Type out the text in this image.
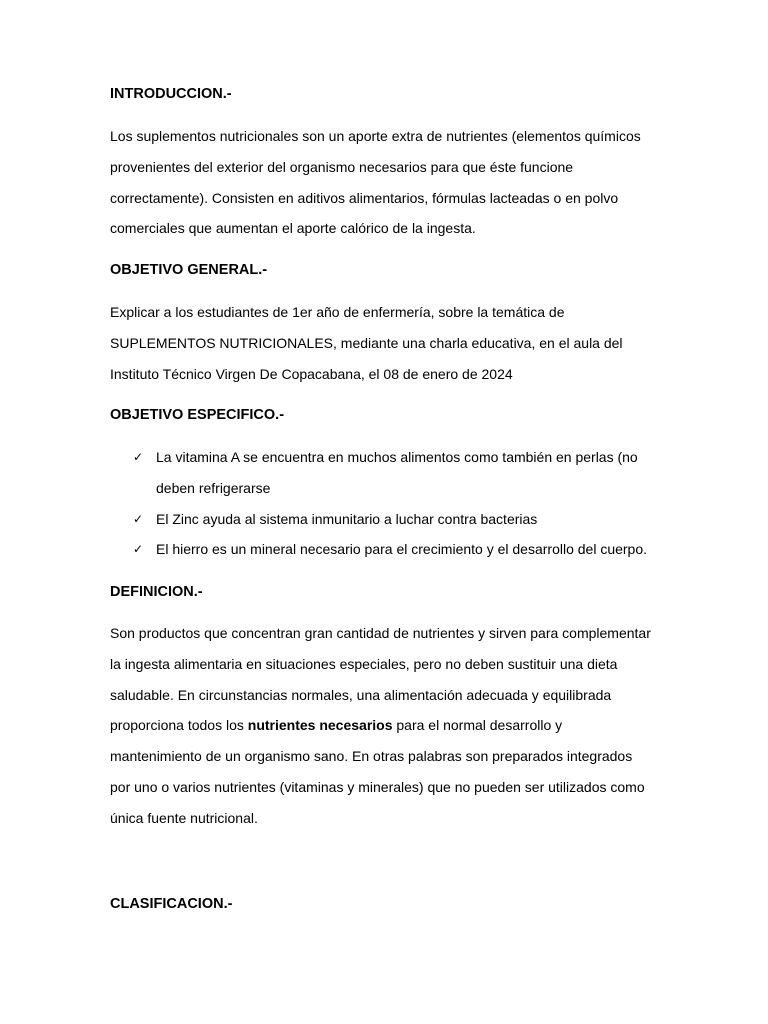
INTRODUCCION.-

Los suplementos nutricionales son un aporte extra de nutrientes (elementos químicos
provenientes del exterior del organismo necesarios para que éste funcione
correctamente). Consisten en aditivos alimentarios, fórmulas lacteadas o en polvo
comerciales que aumentan el aporte calórico de la ingesta.

OBJETIVO GENERAL.-

Explicar a los estudiantes de 1er año de enfermería, sobre la temática de
SUPLEMENTOS NUTRICIONALES, mediante una charla educativa, en el aula del
Instituto Técnico Virgen De Copacabana, el 08 de enero de 2024

OBJETIVO ESPECIFICO.-
✓ La vitamina A se encuentra en muchos alimentos como también en perlas (no
deben refrigerarse
✓ El Zinc ayuda al sistema inmunitario a luchar contra bacterias
✓ El hierro es un mineral necesario para el crecimiento y el desarrollo del cuerpo.
DEFINICION.-

Son productos que concentran gran cantidad de nutrientes y sirven para complementar
la ingesta alimentaria en situaciones especiales, pero no deben sustituir una dieta
saludable. En circunstancias normales, una alimentación adecuada y equilibrada
proporciona todos los nutrientes necesarios para el normal desarrollo y
mantenimiento de un organismo sano. En otras palabras son preparados integrados
por uno o varios nutrientes (vitaminas y minerales) que no pueden ser utilizados como
única fuente nutricional.

CLASIFICACION.-
